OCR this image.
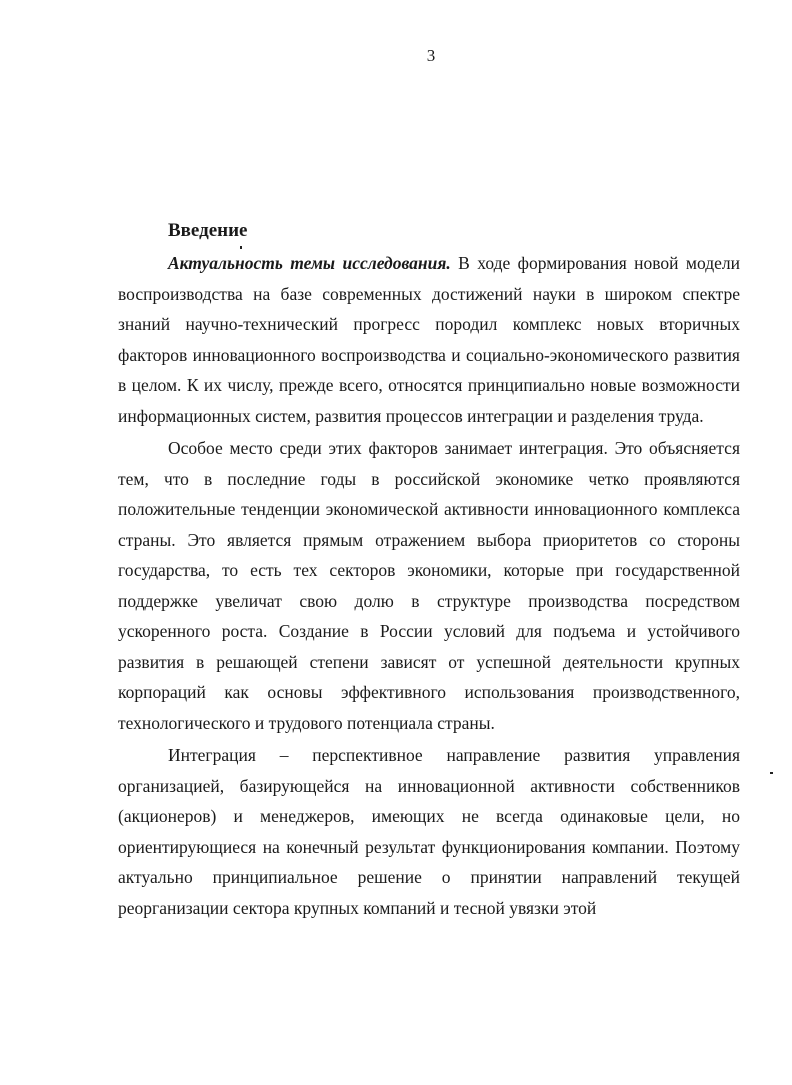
3
Введение

Актуальность темы исследования. В ходе формирования новой модели воспроизводства на базе современных достижений науки в широком спектре знаний научно-технический прогресс породил комплекс новых вторичных факторов инновационного воспроизводства и социально-экономического развития в целом. К их числу, прежде всего, относятся принципиально новые возможности информационных систем, развития процессов интеграции и разделения труда.

Особое место среди этих факторов занимает интеграция. Это объясняется тем, что в последние годы в российской экономике четко проявляются положительные тенденции экономической активности инновационного комплекса страны. Это является прямым отражением выбора приоритетов со стороны государства, то есть тех секторов экономики, которые при государственной поддержке увеличат свою долю в структуре производства посредством ускоренного роста. Создание в России условий для подъема и устойчивого развития в решающей степени зависят от успешной деятельности крупных корпораций как основы эффективного использования производственного, технологического и трудового потенциала страны.

Интеграция – перспективное направление развития управления организацией, базирующейся на инновационной активности собственников (акционеров) и менеджеров, имеющих не всегда одинаковые цели, но ориентирующиеся на конечный результат функционирования компании. Поэтому актуально принципиальное решение о принятии направлений текущей реорганизации сектора крупных компаний и тесной увязки этой
